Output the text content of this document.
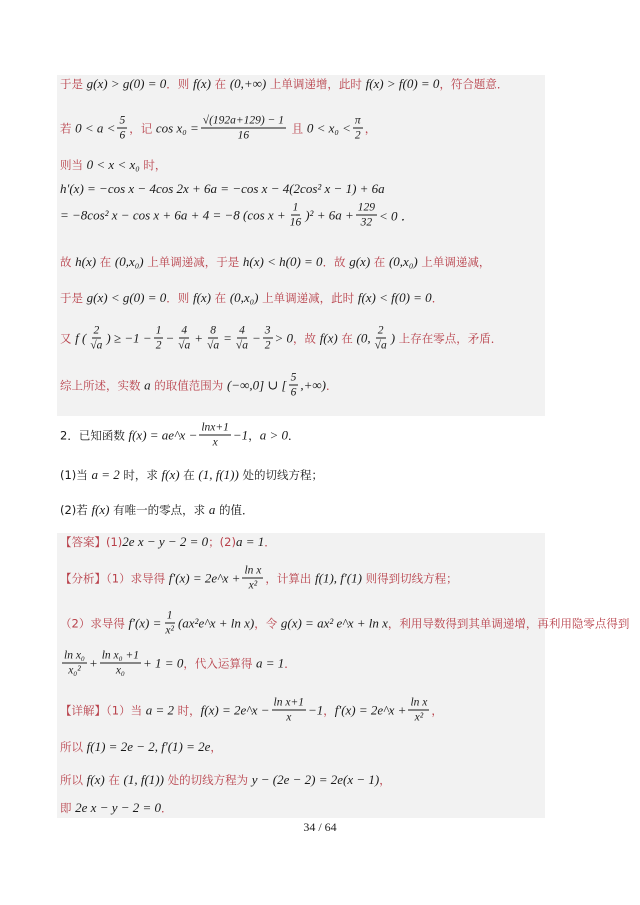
于是 g(x) > g(0) = 0 ．则 f(x) 在 (0,+∞) 上单调递增，此时 f(x) > f(0) = 0 ，符合题意．
若 $0 < a < \frac{5}{6}$ ，记 $\cos x_0 = \frac{√(192a+129) - 1}{16}$ 且 $0 < x_0 < \frac{\pi}{2}$ ，
则当 0 < x < x₀ 时，
h′(x) = −cos x − 4cos 2x + 6a = −cos x − 4(2cos² x − 1) + 6a
= −8cos² x − cos x + 6a + 4 = −8 (cos $x + \frac{1}{16} )^2 + 6a + \frac{129}{32} < 0$ ．
故 h(x) 在 (0,x₀) 上单调递减，于是 h(x) < h(0) = 0 ．故 g(x) 在 (0,x₀) 上单调递减，
于是 g(x) < g(0) = 0 ．则 f(x) 在 (0,x₀) 上单调递减，此时 f(x) < f(0) = 0 ．
又 f ( $\frac{2}{√a}$ ) ≥ $-1 - \frac{1}{2} - \frac{4}{√a} + \frac{8}{√a} = \frac{4}{√a} - \frac{3}{2} > 0$ ，故 f(x) 在 (0, $\frac{2}{√a}$ ) 上存在零点，矛盾．
综上所述，实数 a 的取值范围为 (−∞,0] ∪ [ $\frac{5}{6}$ ,+∞) ．
2．已知函数 f(x) = ae^x − $\frac{\ln x+1}{x} -1$ ， a > 0 ．
(1)当 a = 2 时，求 f(x) 在 (1, f(1)) 处的切线方程；
(2)若 f(x) 有唯一的零点，求 a 的值．
【答案】(1) 2e x − y − 2 = 0 ；(2) a = 1 ．
【分析】（1）求导得 f′(x) = 2e^x + $\frac{\text{ln x}}{\text{x²}}$ ，计算出 f(1), f′(1) 则得到切线方程；
（2）求导得 $f'(x) = \frac{1}{\text{x²}}$ (ax²e^x + ln x) ，令 g(x) = ax² e^x + ln x ，利用导数得到其单调递增，再利用隐零点得到
$\frac{\text{ln x₀}}{\text{x₀²}} + \frac{\text{ln x₀ +1}}{\text{x₀}} + 1 = 0$ ，代入运算得 a = 1 ．
【详解】（1）当 a = 2 时， f(x) = 2e^x − $\frac{\text{ln x+1}}{x} -1$ ， f′(x) = 2e^x + $\frac{\text{ln x}}{\text{x²}}$ ，
所以 f(1) = 2e − 2, f′(1) = 2e ，
所以 f(x) 在 (1, f(1)) 处的切线方程为 y − (2e − 2) = 2e(x − 1) ，
即 2e x − y − 2 = 0 ．
34 / 64
